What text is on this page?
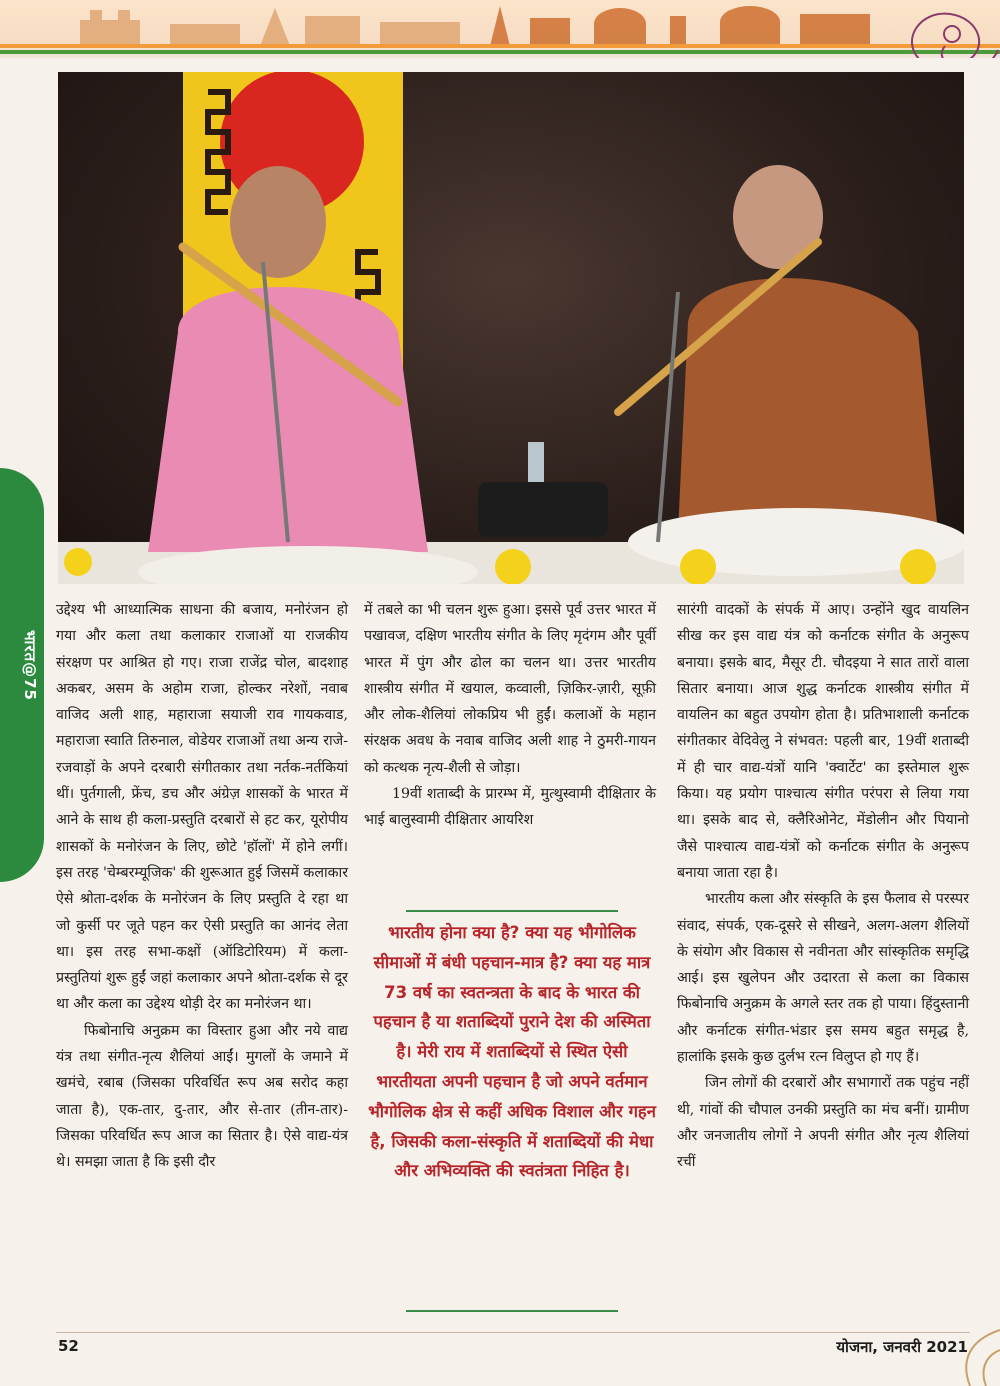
भारत@75

उद्देश्य भी आध्यात्मिक साधना की बजाय, मनोरंजन हो गया और कला तथा कलाकार राजाओं या राजकीय संरक्षण पर आश्रित हो गए। राजा राजेंद्र चोल, बादशाह अकबर, असम के अहोम राजा, होल्कर नरेशों, नवाब वाजिद अली शाह, महाराजा सयाजी राव गायकवाड, महाराजा स्वाति तिरुनाल, वोडेयर राजाओं तथा अन्य राजे-रजवाड़ों के अपने दरबारी संगीतकार तथा नर्तक-नर्तकियां थीं। पुर्तगाली, फ्रेंच, डच और अंग्रेज़ शासकों के भारत में आने के साथ ही कला-प्रस्तुति दरबारों से हट कर, यूरोपीय शासकों के मनोरंजन के लिए, छोटे 'हॉलों' में होने लगीं। इस तरह 'चेम्बरम्यूजिक' की शुरूआत हुई जिसमें कलाकार ऐसे श्रोता-दर्शक के मनोरंजन के लिए प्रस्तुति दे रहा था जो कुर्सी पर जूते पहन कर ऐसी प्रस्तुति का आनंद लेता था। इस तरह सभा-कक्षों (ऑडिटोरियम) में कला-प्रस्तुतियां शुरू हुईं जहां कलाकार अपने श्रोता-दर्शक से दूर था और कला का उद्देश्य थोड़ी देर का मनोरंजन था।

फिबोनाचि अनुक्रम का विस्तार हुआ और नये वाद्य यंत्र तथा संगीत-नृत्य शैलियां आईं। मुगलों के जमाने में खमंचे, रबाब (जिसका परिवर्धित रूप अब सरोद कहा जाता है), एक-तार, दु-तार, और से-तार (तीन-तार)- जिसका परिवर्धित रूप आज का सितार है। ऐसे वाद्य-यंत्र थे। समझा जाता है कि इसी दौर

में तबले का भी चलन शुरू हुआ। इससे पूर्व उत्तर भारत में पखावज, दक्षिण भारतीय संगीत के लिए मृदंगम और पूर्वी भारत में पुंग और ढोल का चलन था। उत्तर भारतीय शास्त्रीय संगीत में खयाल, कव्वाली, ज़िकिर-ज़ारी, सूफ़ी और लोक-शैलियां लोकप्रिय भी हुईं। कलाओं के महान संरक्षक अवध के नवाब वाजिद अली शाह ने ठुमरी-गायन को कत्थक नृत्य-शैली से जोड़ा।

19वीं शताब्दी के प्रारम्भ में, मुत्थुस्वामी दीक्षितार के भाई बालुस्वामी दीक्षितार आयरिश

भारतीय होना क्या है? क्या यह भौगोलिक सीमाओं में बंधी पहचान-मात्र है? क्या यह मात्र 73 वर्ष का स्वतन्त्रता के बाद के भारत की पहचान है या शताब्दियों पुराने देश की अस्मिता है। मेरी राय में शताब्दियों से स्थित ऐसी भारतीयता अपनी पहचान है जो अपने वर्तमान भौगोलिक क्षेत्र से कहीं अधिक विशाल और गहन है, जिसकी कला-संस्कृति में शताब्दियों की मेधा और अभिव्यक्ति की स्वतंत्रता निहित है।

सारंगी वादकों के संपर्क में आए। उन्होंने खुद वायलिन सीख कर इस वाद्य यंत्र को कर्नाटक संगीत के अनुरूप बनाया। इसके बाद, मैसूर टी. चौदइया ने सात तारों वाला सितार बनाया। आज शुद्ध कर्नाटक शास्त्रीय संगीत में वायलिन का बहुत उपयोग होता है। प्रतिभाशाली कर्नाटक संगीतकार वेदिवेलु ने संभवत: पहली बार, 19वीं शताब्दी में ही चार वाद्य-यंत्रों यानि 'क्वार्टेट' का इस्तेमाल शुरू किया। यह प्रयोग पाश्चात्य संगीत परंपरा से लिया गया था। इसके बाद से, क्लैरिओनेट, मेंडोलीन और पियानो जैसे पाश्चात्य वाद्य-यंत्रों को कर्नाटक संगीत के अनुरूप बनाया जाता रहा है।

भारतीय कला और संस्कृति के इस फैलाव से परस्पर संवाद, संपर्क, एक-दूसरे से सीखने, अलग-अलग शैलियों के संयोग और विकास से नवीनता और सांस्कृतिक समृद्धि आई। इस खुलेपन और उदारता से कला का विकास फिबोनाचि अनुक्रम के अगले स्तर तक हो पाया। हिंदुस्तानी और कर्नाटक संगीत-भंडार इस समय बहुत समृद्ध है, हालांकि इसके कुछ दुर्लभ रत्न विलुप्त हो गए हैं।

जिन लोगों की दरबारों और सभागारों तक पहुंच नहीं थी, गांवों की चौपाल उनकी प्रस्तुति का मंच बनीं। ग्रामीण और जनजातीय लोगों ने अपनी संगीत और नृत्य शैलियां रचीं

52	योजना, जनवरी 2021
